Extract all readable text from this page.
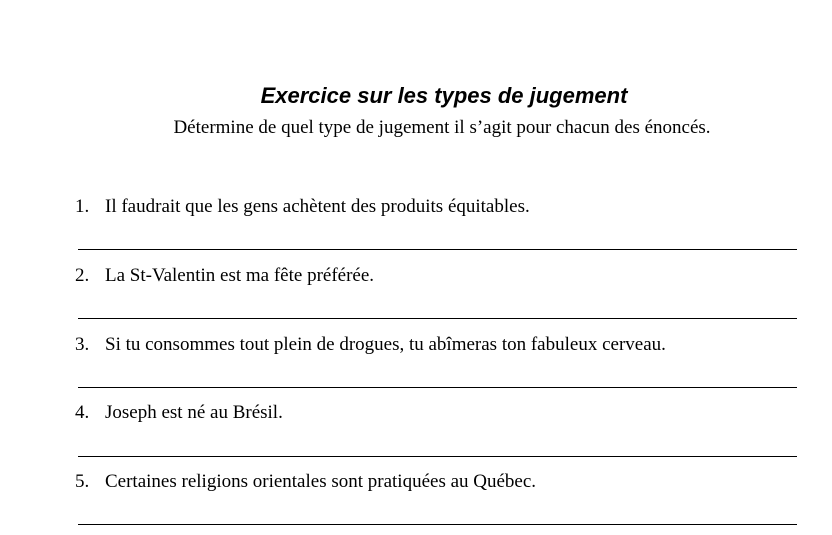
Exercice sur les types de jugement
Détermine de quel type de jugement il s’agit pour chacun des énoncés.
1. Il faudrait que les gens achètent des produits équitables.
2. La St-Valentin est ma fête préférée.
3. Si tu consommes tout plein de drogues, tu abîmeras ton fabuleux cerveau.
4. Joseph est né au Brésil.
5. Certaines religions orientales sont pratiquées au Québec.
